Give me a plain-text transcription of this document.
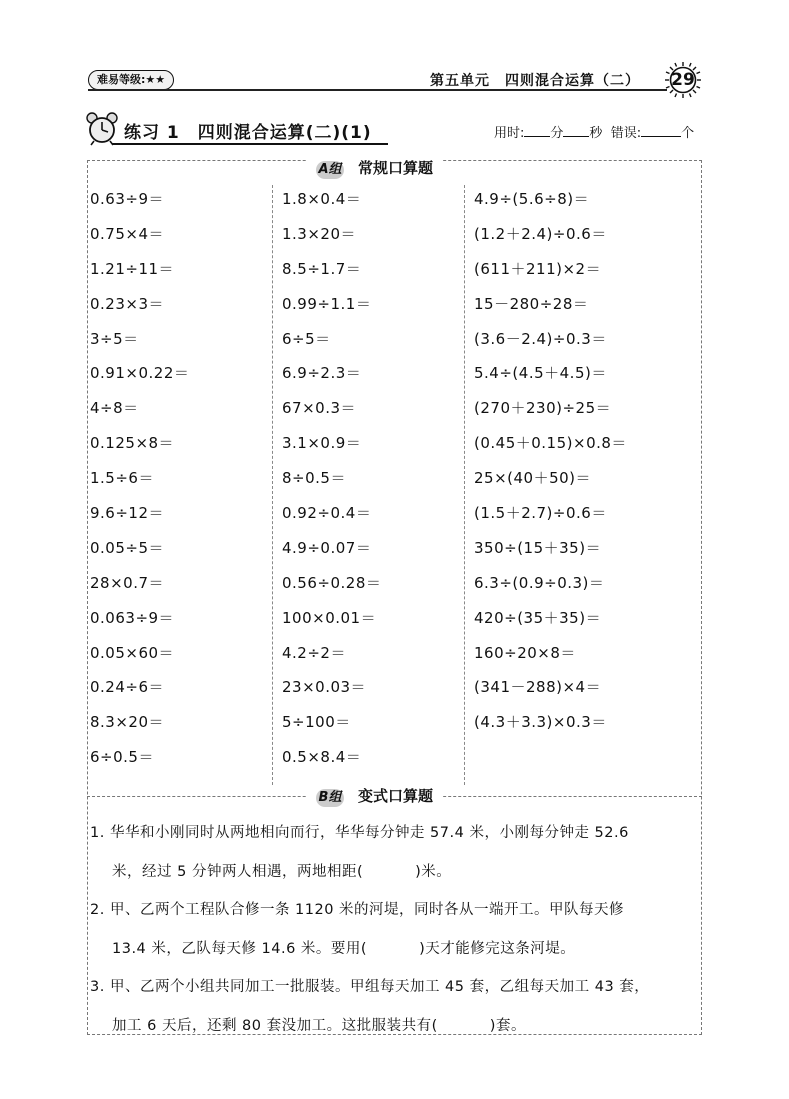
难易等级:★★	第五单元　四则混合运算（二）	29
练习 1　四则混合运算(二)(1)	用时: 分 秒 错误:	个
A组 常规口算题
0.63÷9＝
0.75×4＝
1.21÷11＝
0.23×3＝
3÷5＝
0.91×0.22＝
4÷8＝
0.125×8＝
1.5÷6＝
9.6÷12＝
0.05÷5＝
28×0.7＝
0.063÷9＝
0.05×60＝
0.24÷6＝
8.3×20＝
6÷0.5＝
1.8×0.4＝
1.3×20＝
8.5÷1.7＝
0.99÷1.1＝
6÷5＝
6.9÷2.3＝
67×0.3＝
3.1×0.9＝
8÷0.5＝
0.92÷0.4＝
4.9÷0.07＝
0.56÷0.28＝
100×0.01＝
4.2÷2＝
23×0.03＝
5÷100＝
0.5×8.4＝
4.9÷(5.6÷8)＝
(1.2＋2.4)÷0.6＝
(611＋211)×2＝
15－280÷28＝
(3.6－2.4)÷0.3＝
5.4÷(4.5＋4.5)＝
(270＋230)÷25＝
(0.45＋0.15)×0.8＝
25×(40＋50)＝
(1.5＋2.7)÷0.6＝
350÷(15＋35)＝
6.3÷(0.9÷0.3)＝
420÷(35＋35)＝
160÷20×8＝
(341－288)×4＝
(4.3＋3.3)×0.3＝
B组 变式口算题
1. 华华和小刚同时从两地相向而行，华华每分钟走 57.4 米，小刚每分钟走 52.6
米，经过 5 分钟两人相遇，两地相距(	)米。
2. 甲、乙两个工程队合修一条 1120 米的河堤，同时各从一端开工。甲队每天修
13.4 米，乙队每天修 14.6 米。要用(	)天才能修完这条河堤。
3. 甲、乙两个小组共同加工一批服装。甲组每天加工 45 套，乙组每天加工 43 套，
加工 6 天后，还剩 80 套没加工。这批服装共有(	)套。
